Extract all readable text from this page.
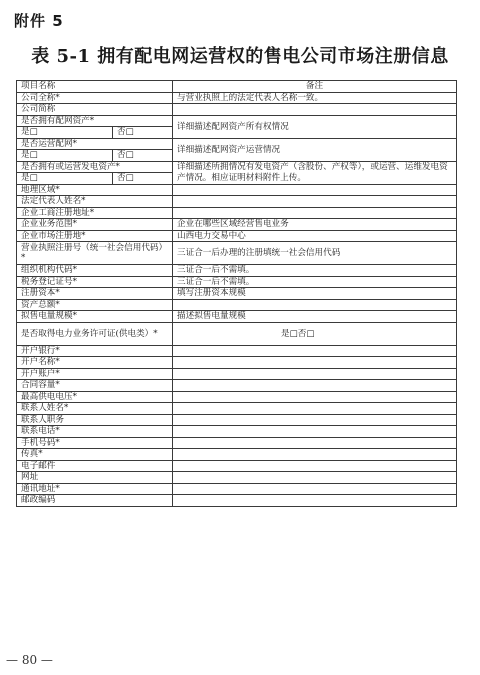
附件 5
表 5-1 拥有配电网运营权的售电公司市场注册信息
项目名称		备注
公司全称*		与营业执照上的法定代表人名称一致。
公司简称		
是否拥有配网资产*		详细描述配网资产所有权情况
是□	否□	
是否运营配网*		详细描述配网资产运营情况
是□	否□	
是否拥有或运营发电资产*		详细描述所拥情况有发电资产（含股份、产权等），或运营、运维发电资产情况。相应证明材料附件上传。
是□	否□	
地理区域*		
法定代表人姓名*		
企业工商注册地址*		
企业业务范围*		企业在哪些区域经营售电业务
企业市场注册地*		山西电力交易中心
营业执照注册号（统一社会信用代码）*		三证合一后办理的注册填统一社会信用代码
组织机构代码*		三证合一后不需填。
税务登记证号*		三证合一后不需填。
注册资本*		填写注册资本规模
资产总额*		
拟售电量规模*		描述拟售电量规模
是否取得电力业务许可证(供电类）*		是□否□
开户银行*		
开户名称*		
开户账户*		
合同容量*		
最高供电电压*		
联系人姓名*		
联系人职务		
联系电话*		
手机号码*		
传真*		
电子邮件		
网址		
通讯地址*		
邮政编码		
— 80 —
